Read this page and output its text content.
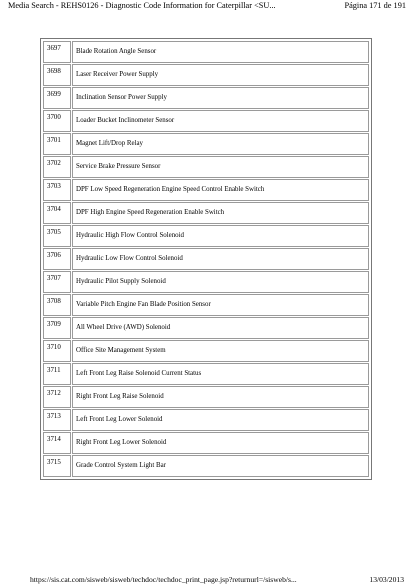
Media Search - REHS0126 - Diagnostic Code Information for Caterpillar <SU...	Página 171 de 191
3697	Blade Rotation Angle Sensor
3698	Laser Receiver Power Supply
3699	Inclination Sensor Power Supply
3700	Loader Bucket Inclinometer Sensor
3701	Magnet Lift/Drop Relay
3702	Service Brake Pressure Sensor
3703	DPF Low Speed Regeneration Engine Speed Control Enable Switch
3704	DPF High Engine Speed Regeneration Enable Switch
3705	Hydraulic High Flow Control Solenoid
3706	Hydraulic Low Flow Control Solenoid
3707	Hydraulic Pilot Supply Solenoid
3708	Variable Pitch Engine Fan Blade Position Sensor
3709	All Wheel Drive (AWD) Solenoid
3710	Office Site Management System
3711	Left Front Leg Raise Solenoid Current Status
3712	Right Front Leg Raise Solenoid
3713	Left Front Leg Lower Solenoid
3714	Right Front Leg Lower Solenoid
3715	Grade Control System Light Bar
https://sis.cat.com/sisweb/sisweb/techdoc/techdoc_print_page.jsp?returnurl=/sisweb/s...	13/03/2013
